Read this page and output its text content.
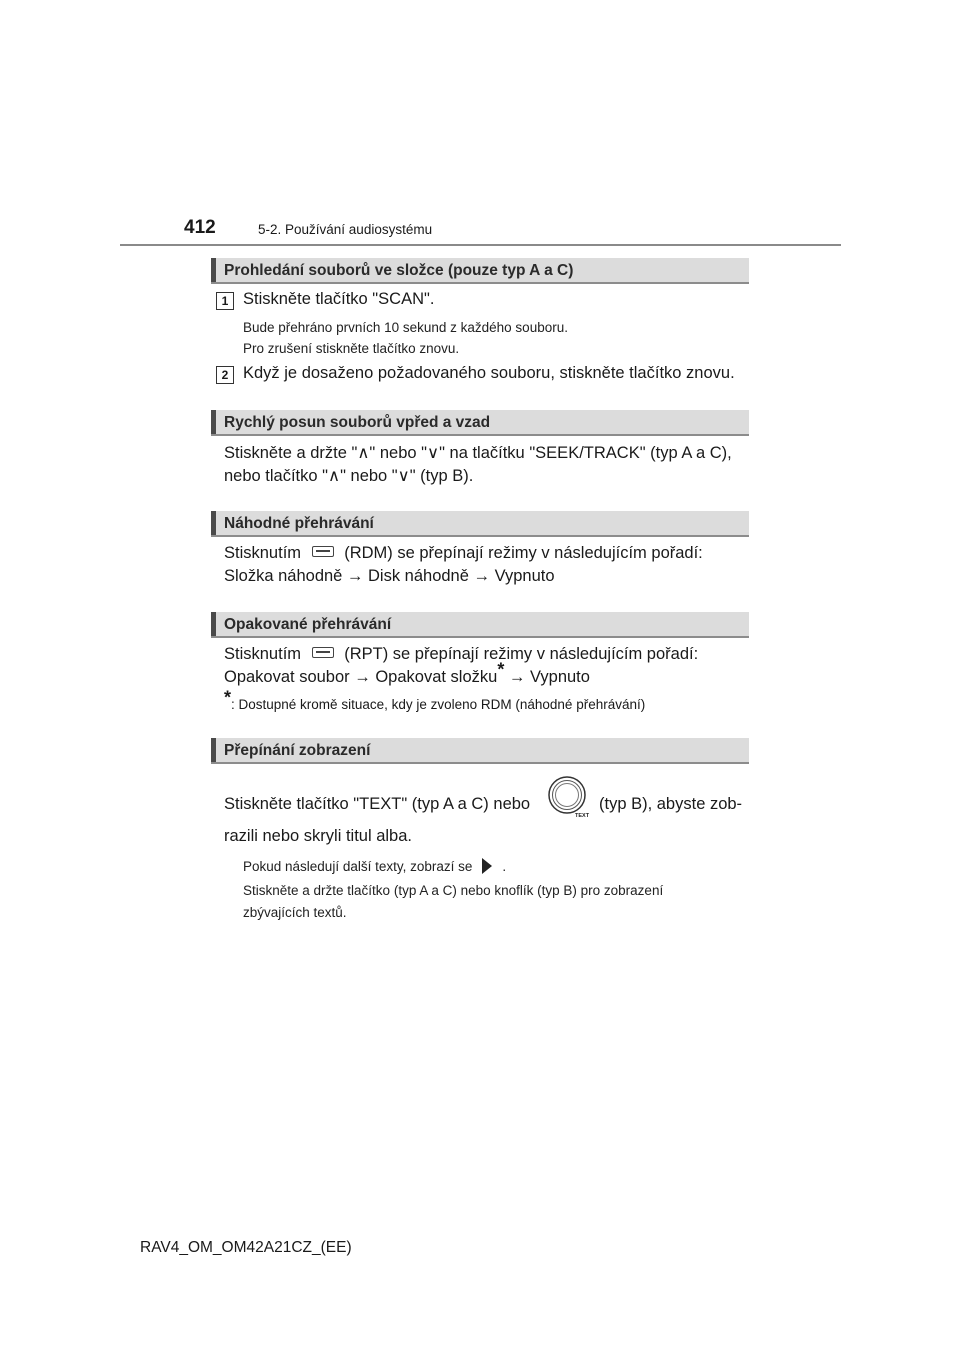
412	5-2. Používání audiosystému
Prohledání souborů ve složce (pouze typ A a C)
1 Stiskněte tlačítko "SCAN".
Bude přehráno prvních 10 sekund z každého souboru.
Pro zrušení stiskněte tlačítko znovu.
2 Když je dosaženo požadovaného souboru, stiskněte tlačítko znovu.
Rychlý posun souborů vpřed a vzad
Stiskněte a držte "∧" nebo "∨" na tlačítku "SEEK/TRACK" (typ A a C),
nebo tlačítko "∧" nebo "∨" (typ B).
Náhodné přehrávání
Stisknutím	(RDM) se přepínají režimy v následujícím pořadí:
Složka náhodně → Disk náhodně → Vypnuto
Opakované přehrávání
Stisknutím	(RPT) se přepínají režimy v následujícím pořadí:
Opakovat soubor → Opakovat složku* → Vypnuto
*: Dostupné kromě situace, kdy je zvoleno RDM (náhodné přehrávání)
Přepínání zobrazení
Stiskněte tlačítko "TEXT" (typ A a C) nebo
TEXT
(typ B), abyste zob-
razili nebo skryli titul alba.
Pokud následují další texty, zobrazí se .
Stiskněte a držte tlačítko (typ A a C) nebo knoflík (typ B) pro zobrazení
zbývajících textů.
RAV4_OM_OM42A21CZ_(EE)
